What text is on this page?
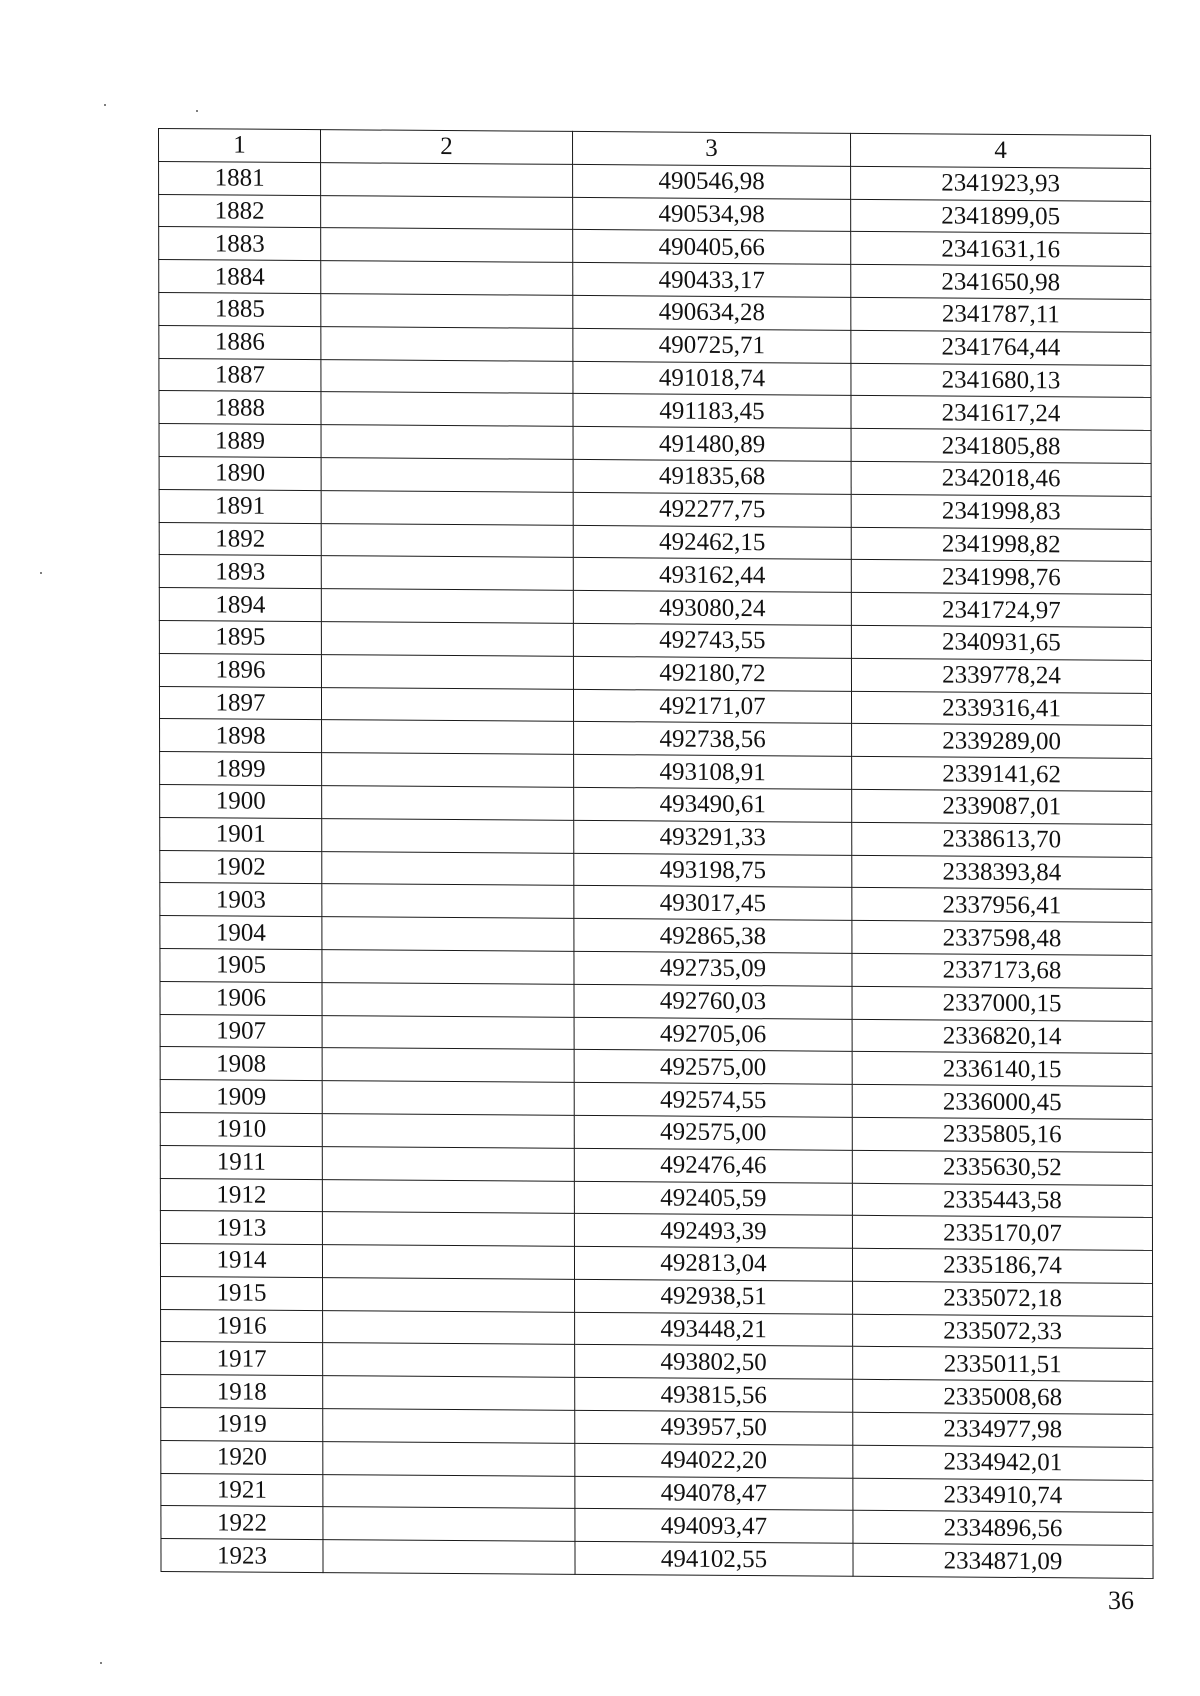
1	2	3	4
1881		490546,98	2341923,93
1882		490534,98	2341899,05
1883		490405,66	2341631,16
1884		490433,17	2341650,98
1885		490634,28	2341787,11
1886		490725,71	2341764,44
1887		491018,74	2341680,13
1888		491183,45	2341617,24
1889		491480,89	2341805,88
1890		491835,68	2342018,46
1891		492277,75	2341998,83
1892		492462,15	2341998,82
1893		493162,44	2341998,76
1894		493080,24	2341724,97
1895		492743,55	2340931,65
1896		492180,72	2339778,24
1897		492171,07	2339316,41
1898		492738,56	2339289,00
1899		493108,91	2339141,62
1900		493490,61	2339087,01
1901		493291,33	2338613,70
1902		493198,75	2338393,84
1903		493017,45	2337956,41
1904		492865,38	2337598,48
1905		492735,09	2337173,68
1906		492760,03	2337000,15
1907		492705,06	2336820,14
1908		492575,00	2336140,15
1909		492574,55	2336000,45
1910		492575,00	2335805,16
1911		492476,46	2335630,52
1912		492405,59	2335443,58
1913		492493,39	2335170,07
1914		492813,04	2335186,74
1915		492938,51	2335072,18
1916		493448,21	2335072,33
1917		493802,50	2335011,51
1918		493815,56	2335008,68
1919		493957,50	2334977,98
1920		494022,20	2334942,01
1921		494078,47	2334910,74
1922		494093,47	2334896,56
1923		494102,55	2334871,09
36
